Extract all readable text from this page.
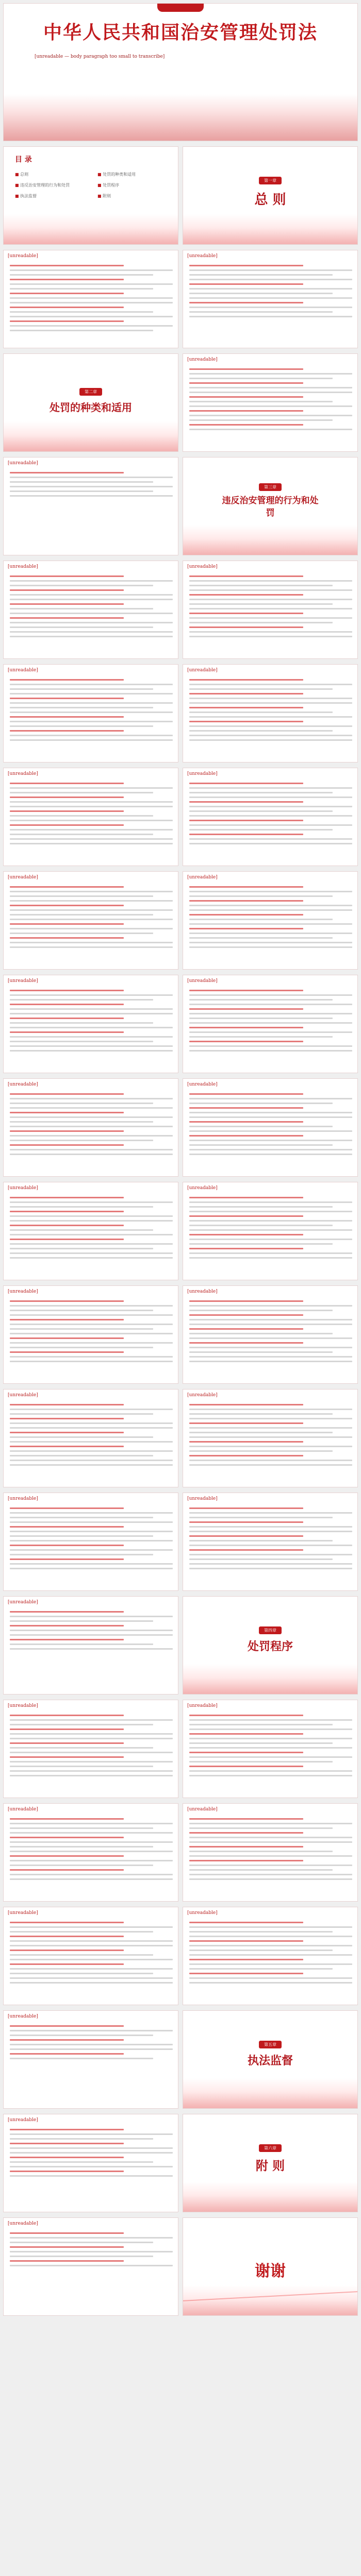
中华人民共和国治安管理处罚法

[unreadable — body paragraph too small to transcribe]

目 录
■ 总则	■ 处罚的种类和适用
■ 违反治安管理的行为和处罚	■ 处罚程序
■ 执法监督	■ 附则
第一章
总 则
[unreadable]	[unreadable]
第二章
处罚的种类和适用
[unreadable]
[unreadable]
第三章
违反治安管理的行为和处罚
[unreadable]	[unreadable]
[unreadable]	[unreadable]
[unreadable]	[unreadable]
[unreadable]	[unreadable]
[unreadable]	[unreadable]
[unreadable]	[unreadable]
[unreadable]	[unreadable]
[unreadable]	[unreadable]
[unreadable]	[unreadable]
[unreadable]	[unreadable]
[unreadable]
第四章
处罚程序
[unreadable]	[unreadable]
[unreadable]	[unreadable]
[unreadable]	[unreadable]
[unreadable]
第五章
执法监督
[unreadable]
第六章
附 则
[unreadable]
谢谢
